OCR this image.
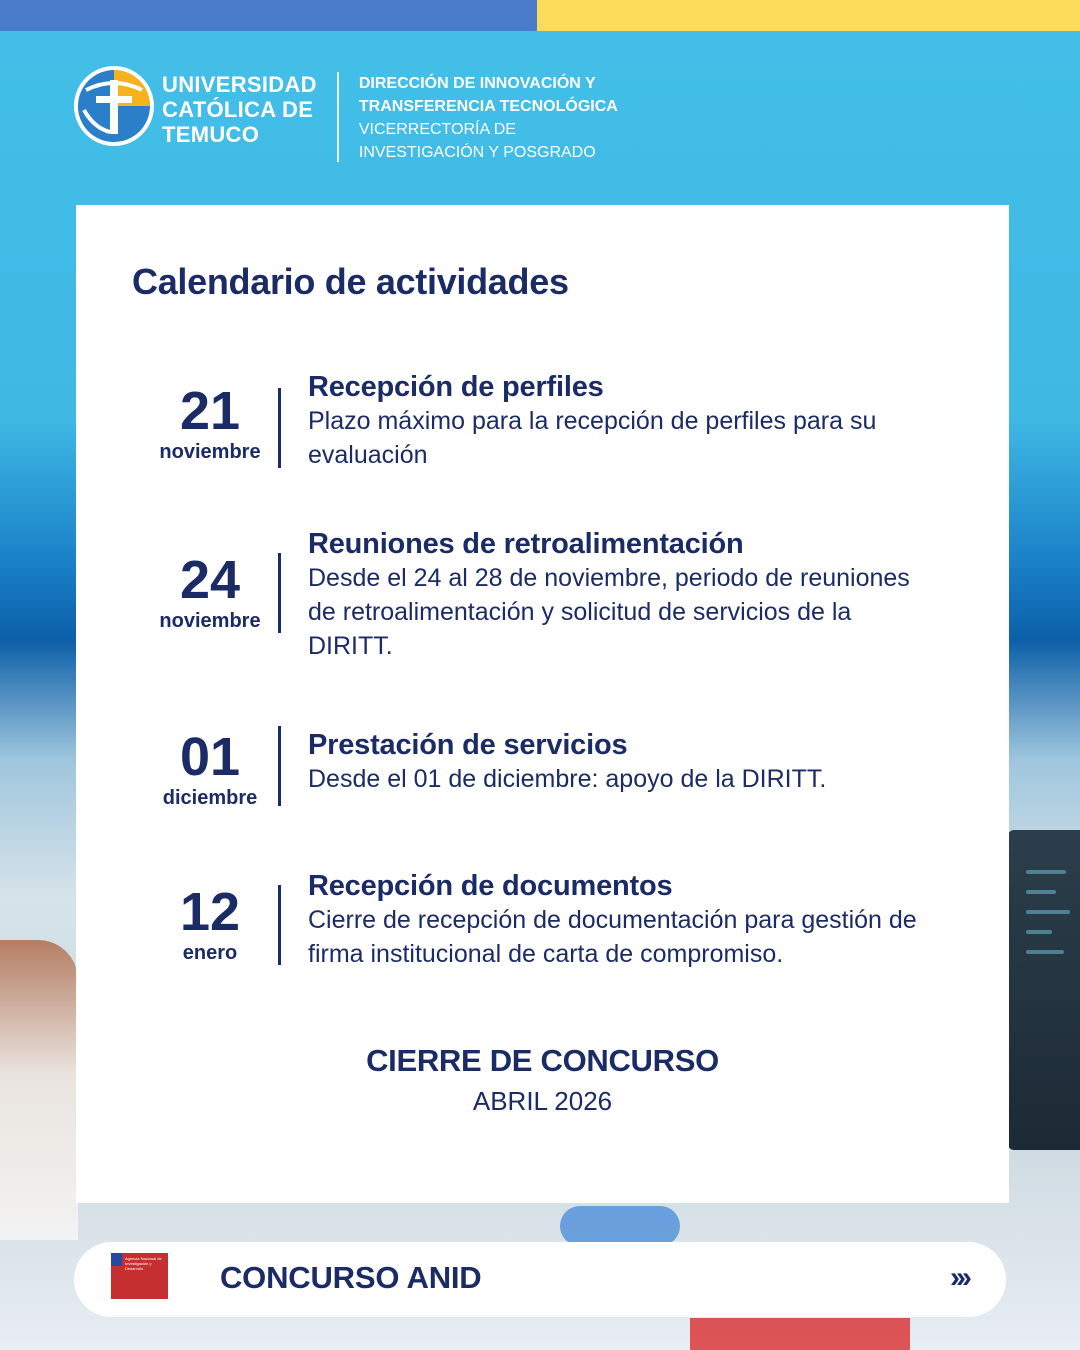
UNIVERSIDAD
CATÓLICA DE
TEMUCO
DIRECCIÓN DE INNOVACIÓN Y
TRANSFERENCIA TECNOLÓGICA
VICERRECTORÍA DE
INVESTIGACIÓN Y POSGRADO
Calendario de actividades
21
noviembre
Recepción de perfiles
Plazo máximo para la recepción de perfiles para su evaluación
24
noviembre
Reuniones de retroalimentación
Desde el 24 al 28 de noviembre, periodo de reuniones de retroalimentación y solicitud de servicios de la DIRITT.
01
diciembre
Prestación de servicios
Desde el 01 de diciembre: apoyo de la DIRITT.
12
enero
Recepción de documentos
Cierre de recepción de documentación para gestión de firma institucional de carta de compromiso.
CIERRE DE CONCURSO
ABRIL 2026
Agencia Nacional de Investigación y Desarrollo	CONCURSO ANID	›››
